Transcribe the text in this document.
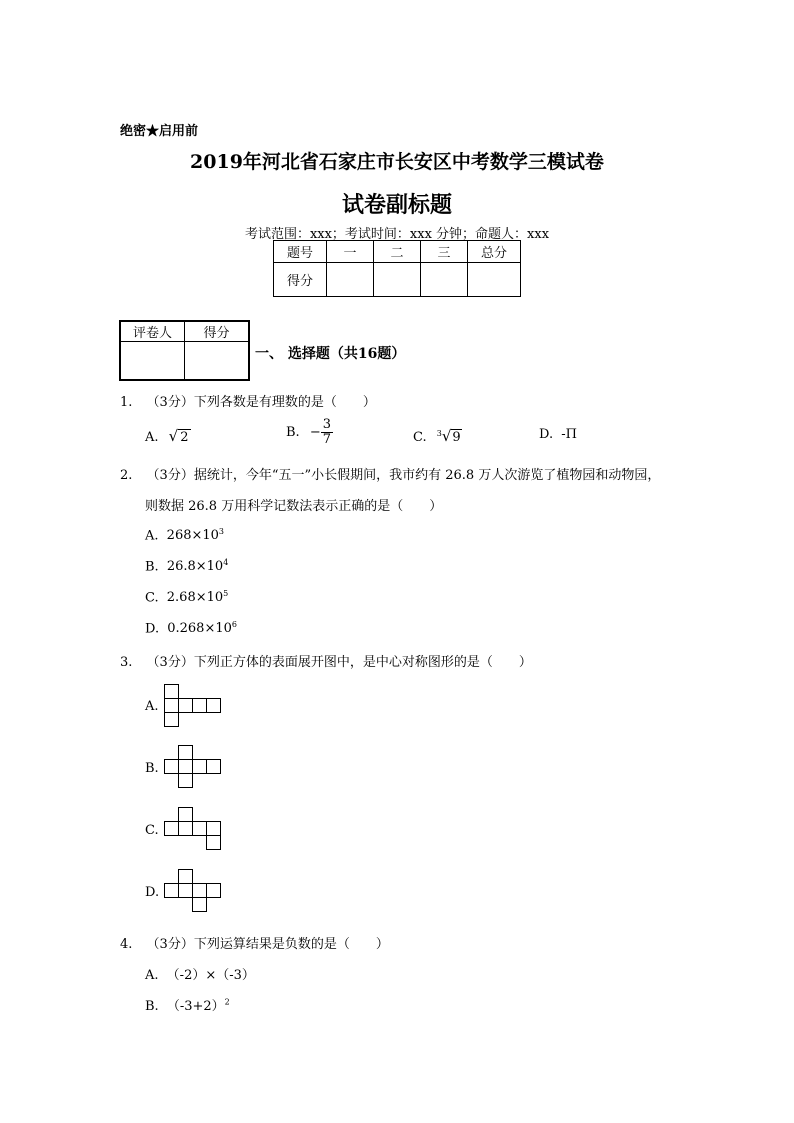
绝密★启用前
2019年河北省石家庄市长安区中考数学三模试卷
试卷副标题
考试范围：xxx；考试时间：xxx 分钟；命题人：xxx
题号	一	二	三	总分
得分				
评卷人	得分

一、 选择题（共16题）
1. （3分）下列各数是有理数的是（　　）
A. √ 2	B. − $\frac{3}{7}$	C. $^3$√9	D. -Π
2. （3分）据统计，今年“五一”小长假期间，我市约有 26.8 万人次游览了植物园和动物园，
则数据 26.8 万用科学记数法表示正确的是（　　）
A. $268\times 10^3$
B. $26.8\times 10^4$
C. $2.68\times 10^5$
D. $0.268\times 10^6$
3. （3分）下列正方体的表面展开图中，是中心对称图形的是（　　）
A.
B.
C.
D.
4. （3分）下列运算结果是负数的是（　　）
A. （-2）×（-3）
B. $(-3+2)^2$
